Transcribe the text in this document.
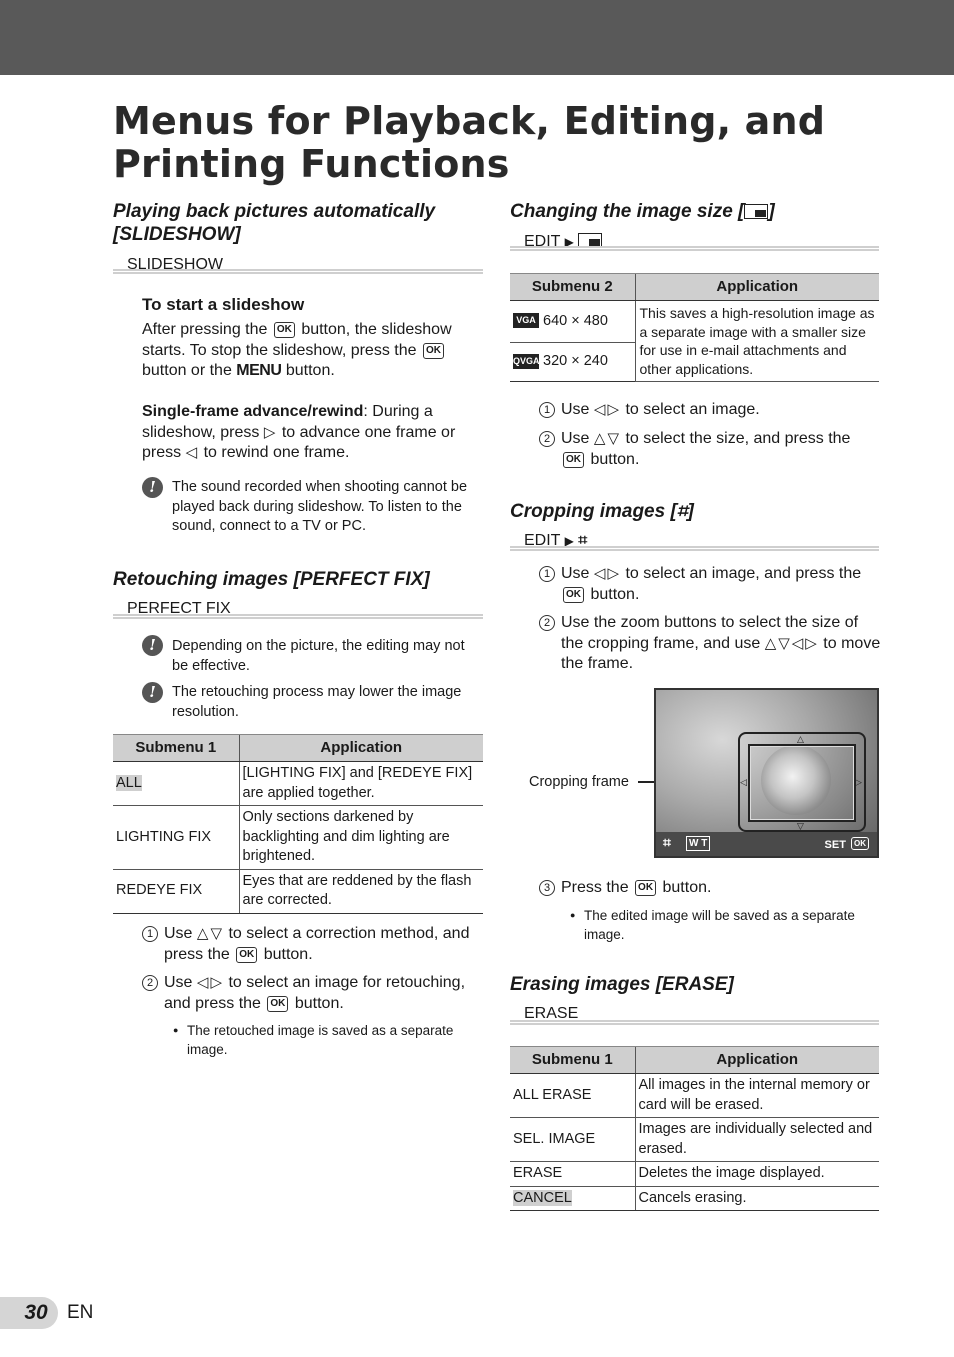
Menus for Playback, Editing, and Printing Functions
Playing back pictures automatically [SLIDESHOW]
SLIDESHOW
To start a slideshow

After pressing the OK button, the slideshow starts. To stop the slideshow, press the OK button or the MENU button.

Single-frame advance/rewind: During a slideshow, press ▷ to advance one frame or press ◁ to rewind one frame.

!	The sound recorded when shooting cannot be played back during slideshow. To listen to the sound, connect to a TV or PC.

Retouching images [PERFECT FIX]
PERFECT FIX
!	Depending on the picture, the editing may not be effective.

!	The retouching process may lower the image resolution.

Submenu 1	Application
ALL	[LIGHTING FIX] and [REDEYE FIX] are applied together.
LIGHTING FIX	Only sections darkened by backlighting and dim lighting are brightened.
REDEYE FIX	Eyes that are reddened by the flash are corrected.

1 Use △▽ to select a correction method, and press the OK button.

2 Use ◁▷ to select an image for retouching, and press the OK button.

● The retouched image is saved as a separate image.

Changing the image size [ ]
EDIT ▶
Submenu 2	Application
VGA 640 × 480	This saves a high-resolution image as a separate image with a smaller size for use in e-mail attachments and other applications.
QVGA 320 × 240	

1 Use ◁▷ to select an image.

2 Use △▽ to select the size, and press the OK button.

Cropping images [⌗]
EDIT ▶ ⌗

1 Use ◁▷ to select an image, and press the OK button.

2 Use the zoom buttons to select the size of the cropping frame, and use △▽◁▷ to move the frame.

Cropping frame
△
▽
◁	▷
⌗	W T	SET OK

3 Press the OK button.

● The edited image will be saved as a separate image.

Erasing images [ERASE]
ERASE
Submenu 1	Application
ALL ERASE	All images in the internal memory or card will be erased.
SEL. IMAGE	Images are individually selected and erased.
ERASE	Deletes the image displayed.
CANCEL	Cancels erasing.
30	EN
